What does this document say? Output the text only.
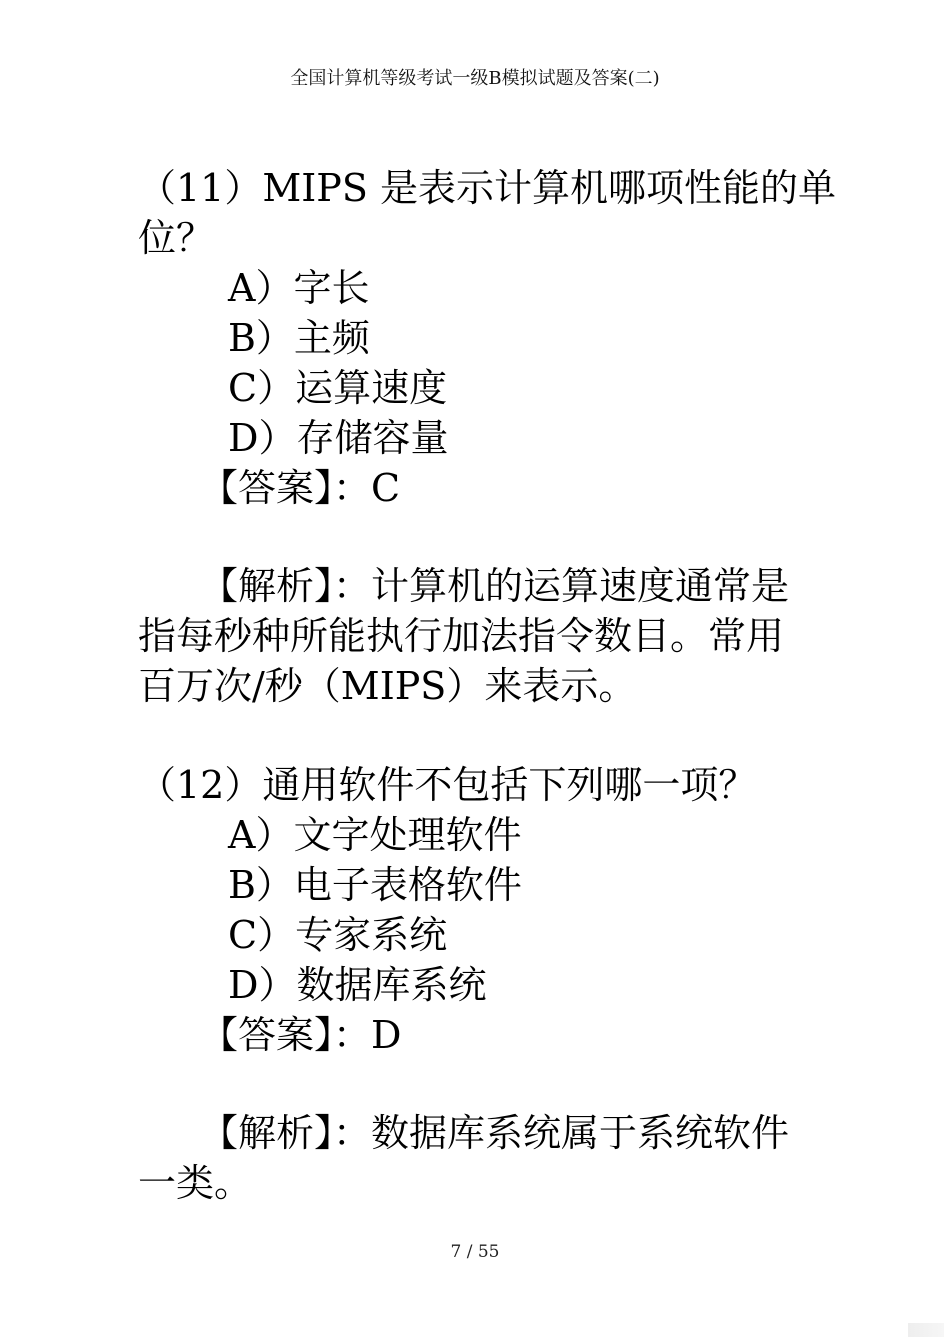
全国计算机等级考试一级B模拟试题及答案(二)
（11）MIPS 是表示计算机哪项性能的单
位？
A）字长
B）主频
C）运算速度
D）存储容量
【答案】：C
【解析】：计算机的运算速度通常是
指每秒种所能执行加法指令数目。常用
百万次/秒（MIPS）来表示。
（12）通用软件不包括下列哪一项？
A）文字处理软件
B）电子表格软件
C）专家系统
D）数据库系统
【答案】：D
【解析】：数据库系统属于系统软件
一类。
7 / 55
